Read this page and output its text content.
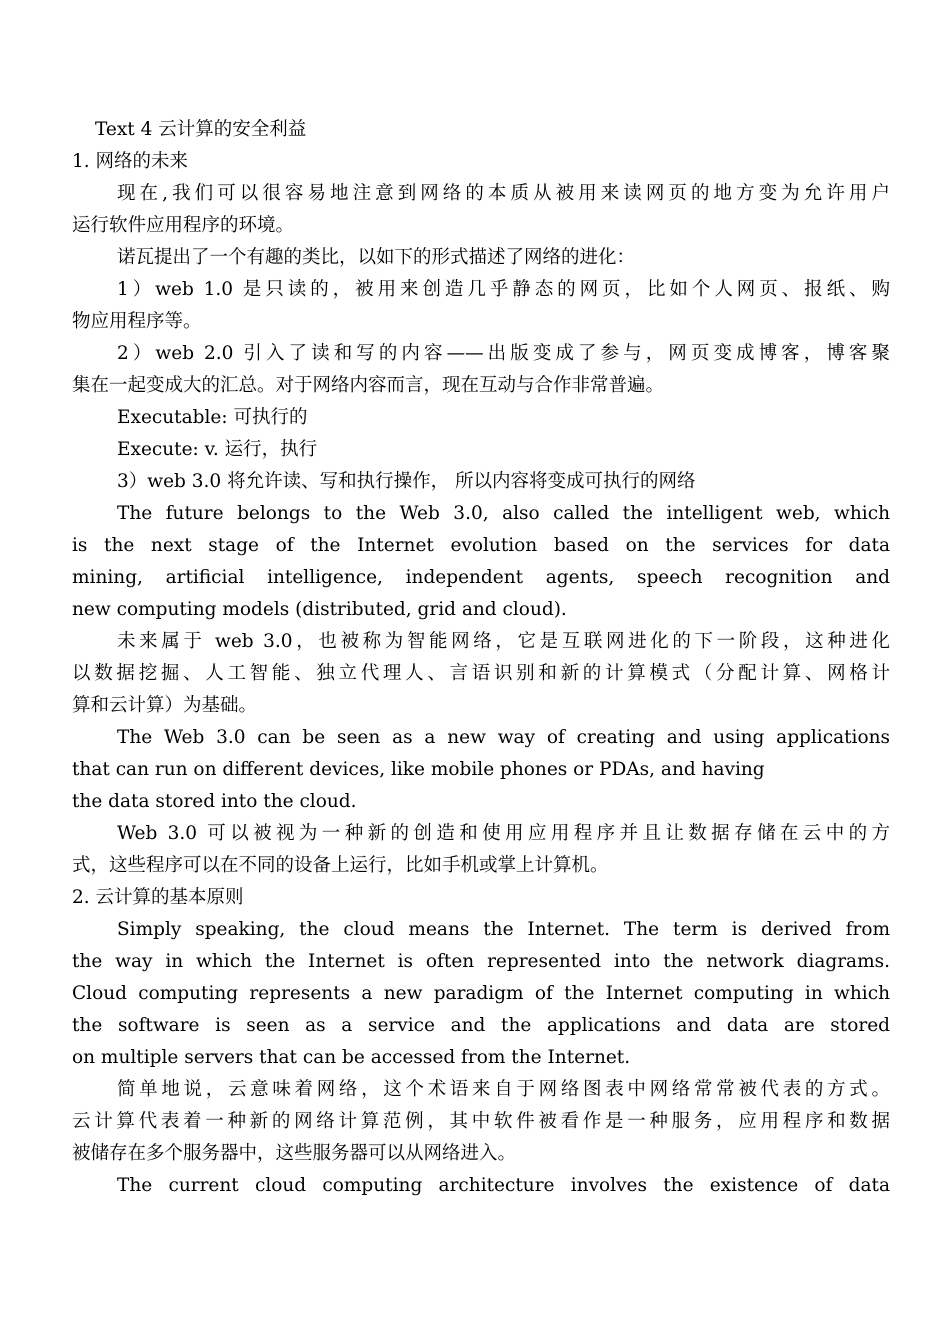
Text 4 云计算的安全利益
1. 网络的未来
现在,我们可以很容易地注意到网络的本质从被用来读网页的地方变为允许用户
运行软件应用程序的环境。
诺瓦提出了一个有趣的类比，以如下的形式描述了网络的进化：
1）web 1.0 是只读的，被用来创造几乎静态的网页，比如个人网页、报纸、购
物应用程序等。
2）web 2.0 引入了读和写的内容——出版变成了参与，网页变成博客，博客聚
集在一起变成大的汇总。对于网络内容而言，现在互动与合作非常普遍。
Executable: 可执行的
Execute: v. 运行，执行
3）web 3.0 将允许读、写和执行操作， 所以内容将变成可执行的网络
The future belongs to the Web 3.0, also called the intelligent web, which
is the next stage of the Internet evolution based on the services for data
mining, artificial intelligence, independent agents, speech recognition and
new computing models (distributed, grid and cloud).
未来属于 web 3.0，也被称为智能网络，它是互联网进化的下一阶段，这种进化
以数据挖掘、人工智能、独立代理人、言语识别和新的计算模式（分配计算、网格计
算和云计算）为基础。
The Web 3.0 can be seen as a new way of creating and using applications
that can run on different devices, like mobile phones or PDAs, and having
the data stored into the cloud.
Web 3.0 可以被视为一种新的创造和使用应用程序并且让数据存储在云中的方
式，这些程序可以在不同的设备上运行，比如手机或掌上计算机。
2. 云计算的基本原则
Simply speaking, the cloud means the Internet. The term is derived from
the way in which the Internet is often represented into the network diagrams.
Cloud computing represents a new paradigm of the Internet computing in which
the software is seen as a service and the applications and data are stored
on multiple servers that can be accessed from the Internet.
简单地说，云意味着网络，这个术语来自于网络图表中网络常常被代表的方式。
云计算代表着一种新的网络计算范例，其中软件被看作是一种服务，应用程序和数据
被储存在多个服务器中，这些服务器可以从网络进入。
The current cloud computing architecture involves the existence of data
